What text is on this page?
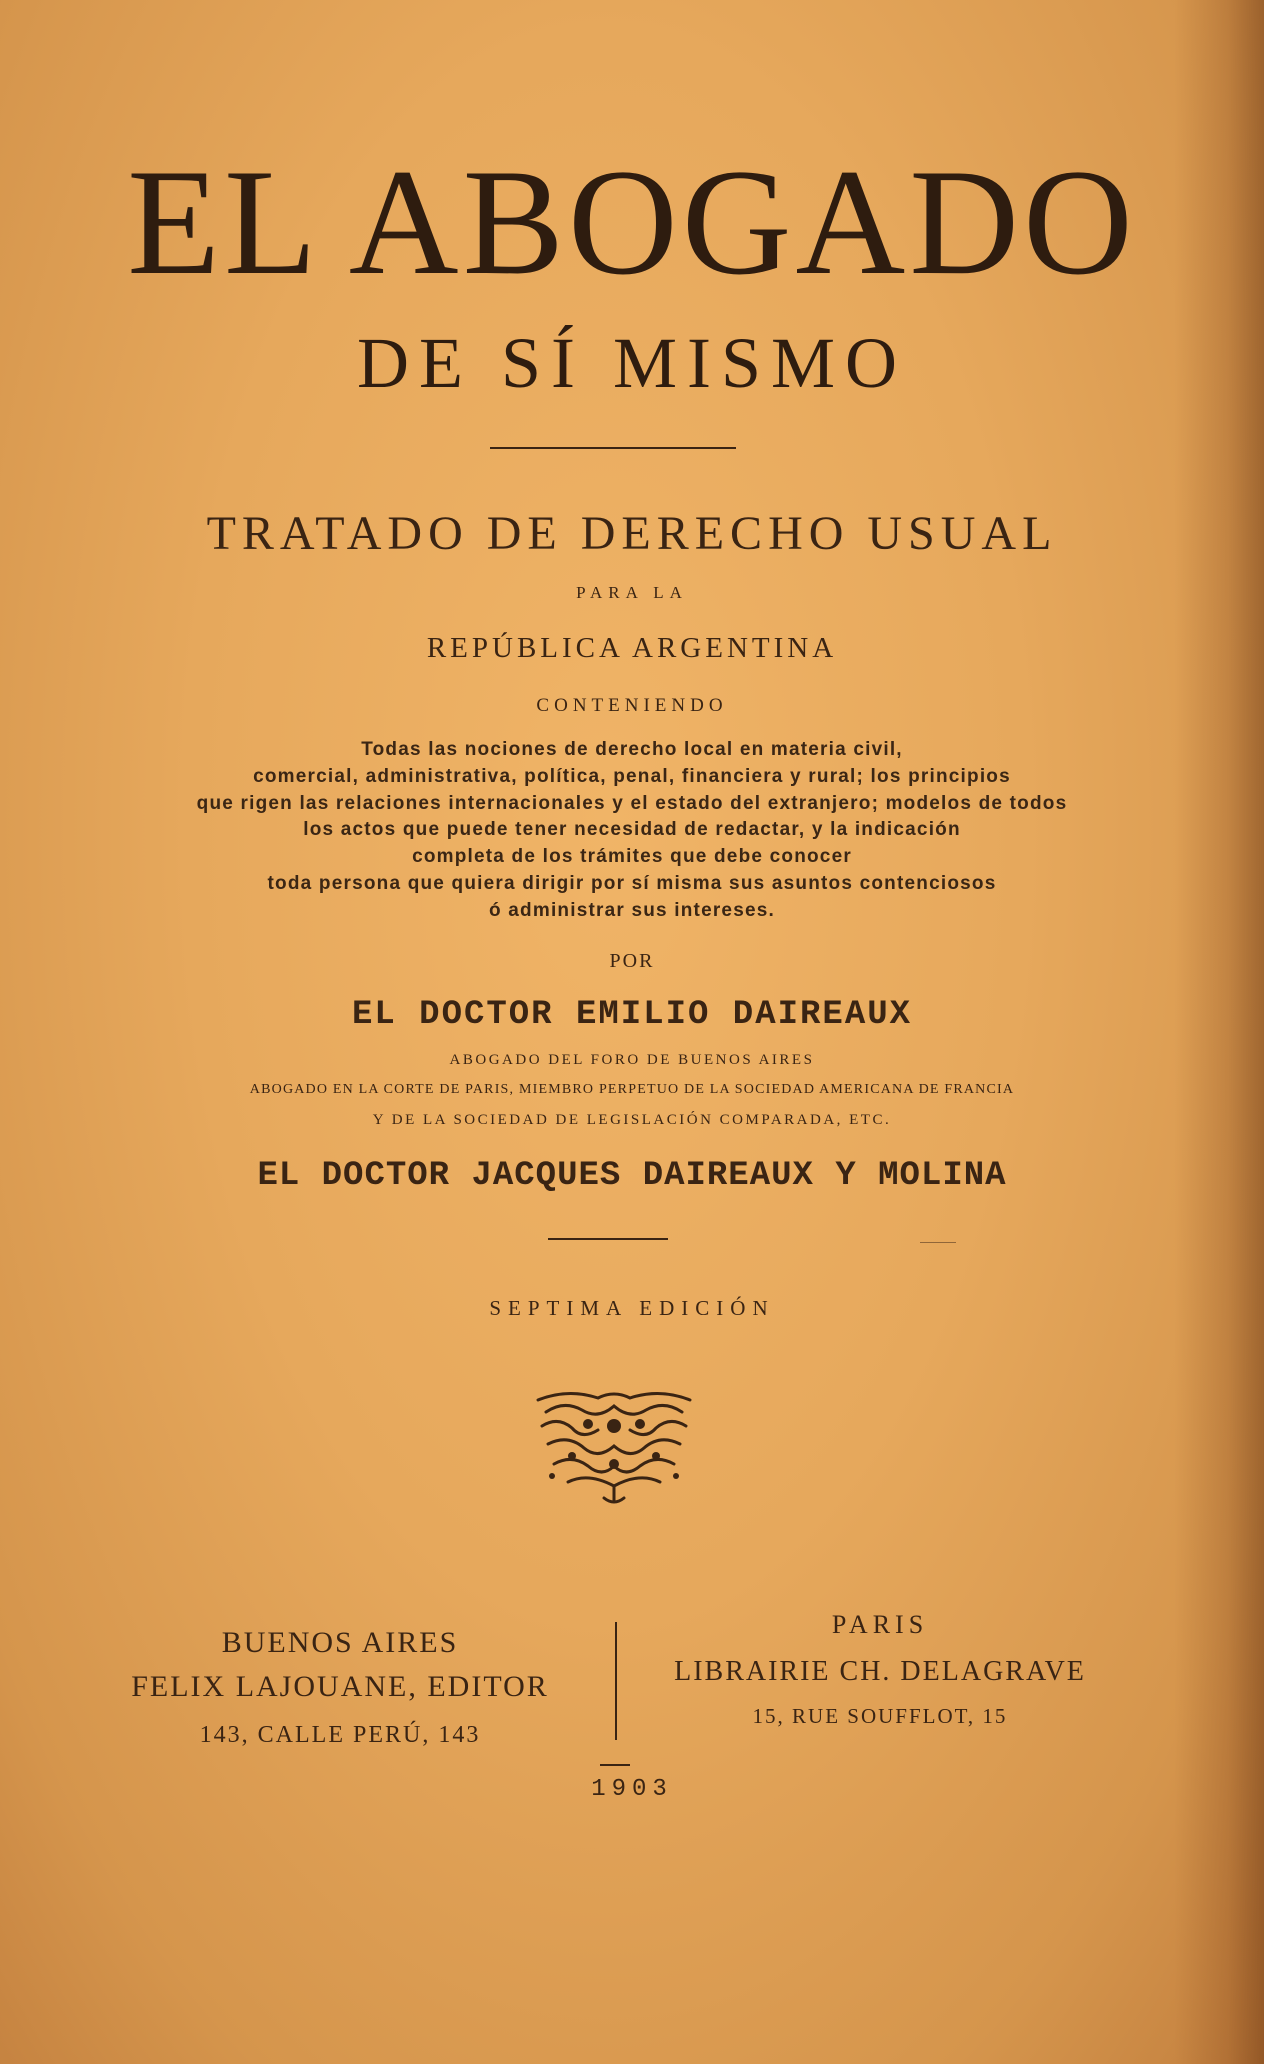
EL ABOGADO
DE SÍ MISMO
TRATADO DE DERECHO USUAL
PARA LA
REPÚBLICA ARGENTINA
CONTENIENDO
Todas las nociones de derecho local en materia civil,
comercial, administrativa, política, penal, financiera y rural; los principios
que rigen las relaciones internacionales y el estado del extranjero; modelos de todos
los actos que puede tener necesidad de redactar, y la indicación
completa de los trámites que debe conocer
toda persona que quiera dirigir por sí misma sus asuntos contenciosos
ó administrar sus intereses.
POR
EL DOCTOR EMILIO DAIREAUX
ABOGADO DEL FORO DE BUENOS AIRES
ABOGADO EN LA CORTE DE PARIS, MIEMBRO PERPETUO DE LA SOCIEDAD AMERICANA DE FRANCIA
Y DE LA SOCIEDAD DE LEGISLACIÓN COMPARADA, ETC.
EL DOCTOR JACQUES DAIREAUX Y MOLINA
SEPTIMA EDICIÓN
BUENOS AIRES
FELIX LAJOUANE, EDITOR
143, CALLE PERÚ, 143
PARIS
LIBRAIRIE CH. DELAGRAVE
15, RUE SOUFFLOT, 15
1903
